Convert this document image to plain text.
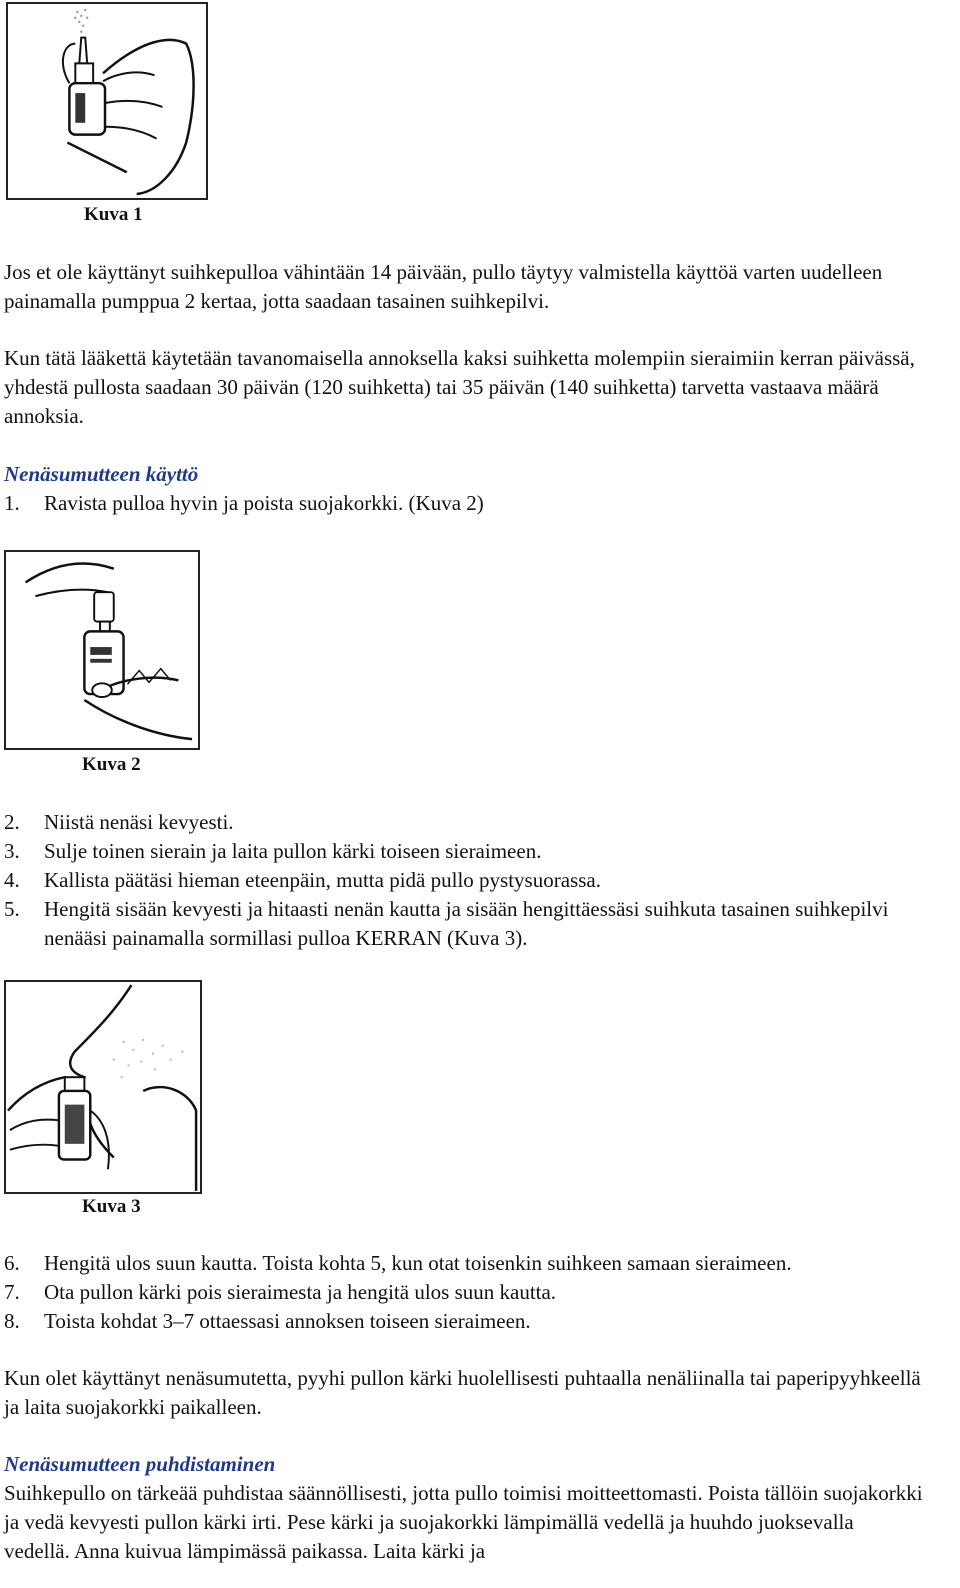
Kuva 1

Jos et ole käyttänyt suihkepulloa vähintään 14 päivään, pullo täytyy valmistella käyttöä varten uudelleen painamalla pumppua 2 kertaa, jotta saadaan tasainen suihkepilvi.

Kun tätä lääkettä käytetään tavanomaisella annoksella kaksi suihketta molempiin sieraimiin kerran päivässä, yhdestä pullosta saadaan 30 päivän (120 suihketta) tai 35 päivän (140 suihketta) tarvetta vastaava määrä annoksia.

Nenäsumutteen käyttö
1.	Ravista pulloa hyvin ja poista suojakorkki. (Kuva 2)
Kuva 2
2.	Niistä nenäsi kevyesti.
3.	Sulje toinen sierain ja laita pullon kärki toiseen sieraimeen.
4.	Kallista päätäsi hieman eteenpäin, mutta pidä pullo pystysuorassa.
5.	Hengitä sisään kevyesti ja hitaasti nenän kautta ja sisään hengittäessäsi suihkuta tasainen suihkepilvi nenääsi painamalla sormillasi pulloa KERRAN (Kuva 3).
Kuva 3
6.	Hengitä ulos suun kautta. Toista kohta 5, kun otat toisenkin suihkeen samaan sieraimeen.
7.	Ota pullon kärki pois sieraimesta ja hengitä ulos suun kautta.
8.	Toista kohdat 3–7 ottaessasi annoksen toiseen sieraimeen.

Kun olet käyttänyt nenäsumutetta, pyyhi pullon kärki huolellisesti puhtaalla nenäliinalla tai paperipyyhkeellä ja laita suojakorkki paikalleen.

Nenäsumutteen puhdistaminen

Suihkepullo on tärkeää puhdistaa säännöllisesti, jotta pullo toimisi moitteettomasti. Poista tällöin suojakorkki ja vedä kevyesti pullon kärki irti. Pese kärki ja suojakorkki lämpimällä vedellä ja huuhdo juoksevalla vedellä. Anna kuivua lämpimässä paikassa. Laita kärki ja
